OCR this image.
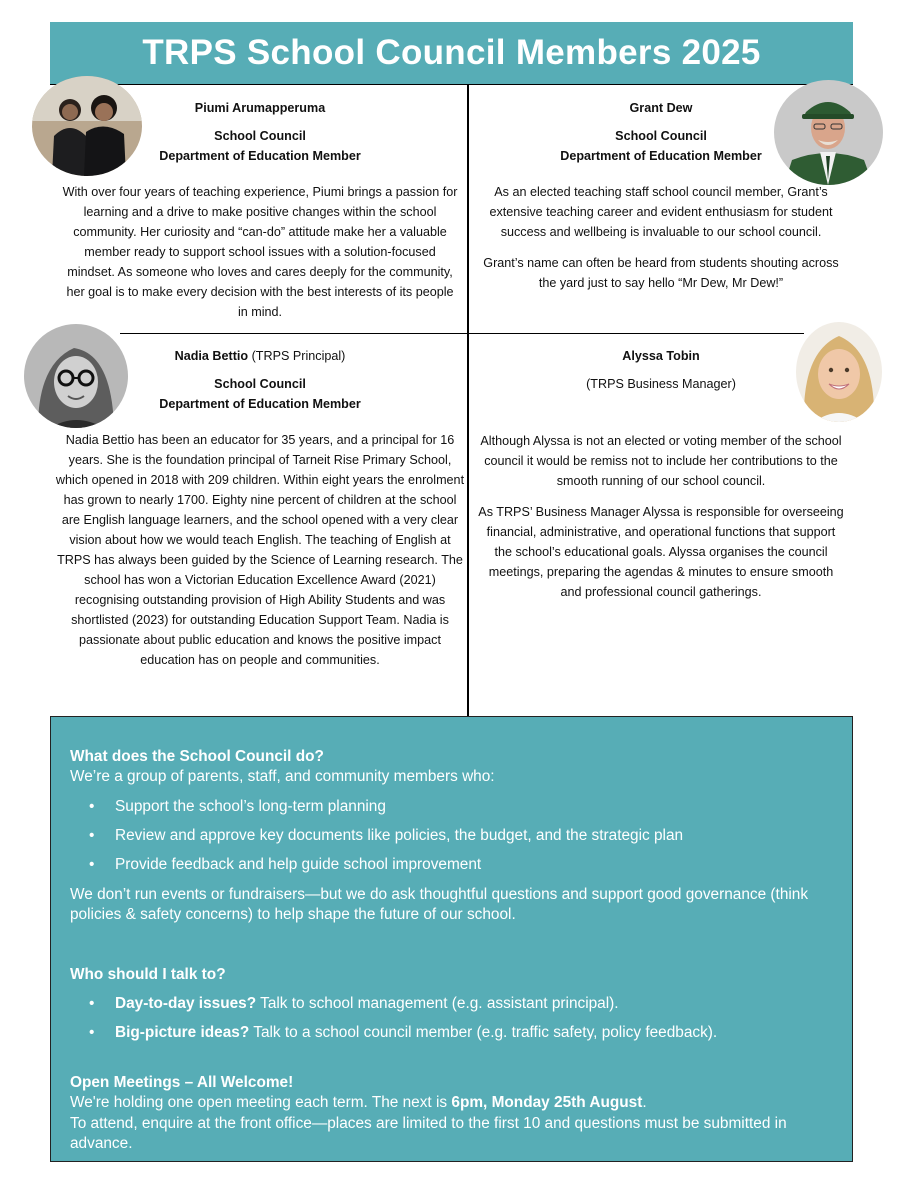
TRPS School Council Members 2025

Piumi Arumapperuma

School Council
Department of Education Member

With over four years of teaching experience, Piumi brings a passion for learning and a drive to make positive changes within the school community. Her curiosity and “can-do” attitude make her a valuable member ready to support school issues with a solution-focused mindset. As someone who loves and cares deeply for the community, her goal is to make every decision with the best interests of its people in mind.

Grant Dew

School Council
Department of Education Member

As an elected teaching staff school council member, Grant’s extensive teaching career and evident enthusiasm for student success and wellbeing is invaluable to our school council.

Grant’s name can often be heard from students shouting across the yard just to say hello “Mr Dew, Mr Dew!”

Nadia Bettio (TRPS Principal)

School Council
Department of Education Member

Nadia Bettio has been an educator for 35 years, and a principal for 16 years. She is the foundation principal of Tarneit Rise Primary School, which opened in 2018 with 209 children. Within eight years the enrolment has grown to nearly 1700. Eighty nine percent of children at the school are English language learners, and the school opened with a very clear vision about how we would teach English. The teaching of English at TRPS has always been guided by the Science of Learning research. The school has won a Victorian Education Excellence Award (2021) recognising outstanding provision of High Ability Students and was shortlisted (2023) for outstanding Education Support Team. Nadia is passionate about public education and knows the positive impact education has on people and communities.

Alyssa Tobin

(TRPS Business Manager)

Although Alyssa is not an elected or voting member of the school council it would be remiss not to include her contributions to the smooth running of our school council.

As TRPS’ Business Manager Alyssa is responsible for overseeing financial, administrative, and operational functions that support the school’s educational goals. Alyssa organises the council meetings, preparing the agendas & minutes to ensure smooth and professional council gatherings.

What does the School Council do?
We’re a group of parents, staff, and community members who:
• Support the school’s long-term planning
• Review and approve key documents like policies, the budget, and the strategic plan
• Provide feedback and help guide school improvement
We don’t run events or fundraisers—but we do ask thoughtful questions and support good governance (think policies & safety concerns) to help shape the future of our school.
Who should I talk to?
• Day-to-day issues? Talk to school management (e.g. assistant principal).
• Big-picture ideas? Talk to a school council member (e.g. traffic safety, policy feedback).
Open Meetings – All Welcome!
We're holding one open meeting each term. The next is 6pm, Monday 25th August.
To attend, enquire at the front office—places are limited to the first 10 and questions must be submitted in advance.
